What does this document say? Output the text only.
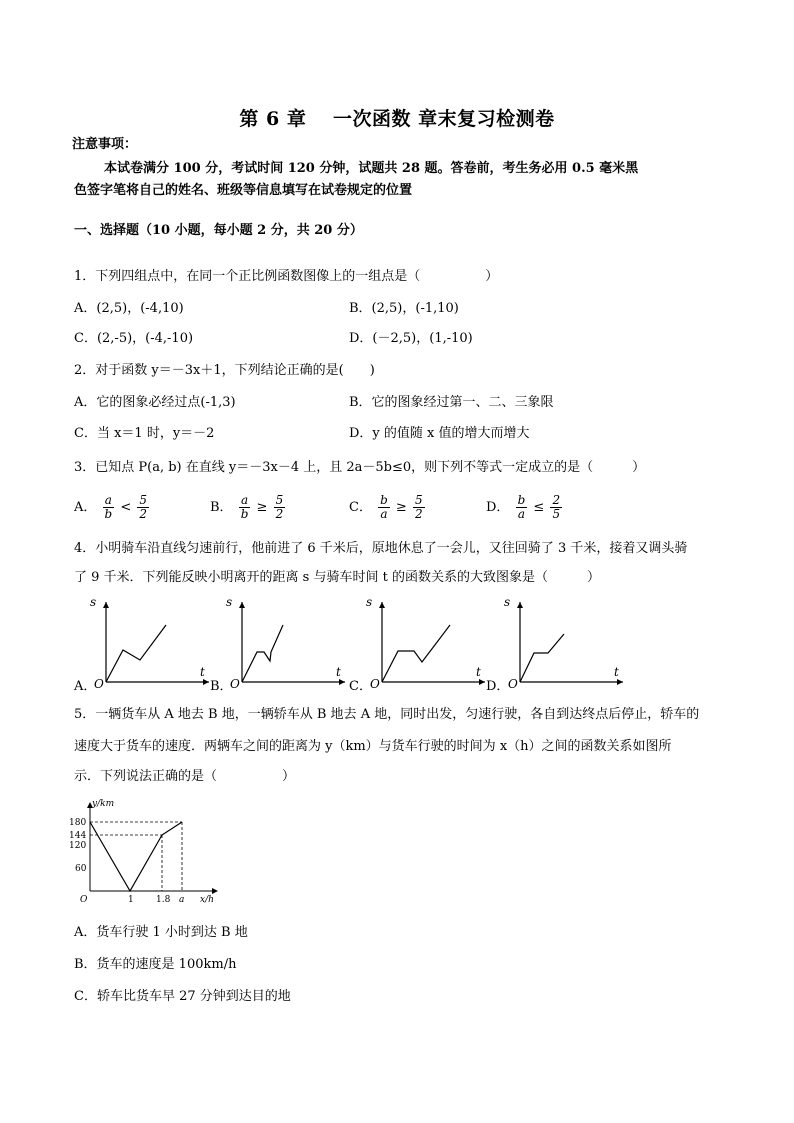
第 6 章　 一次函数 章末复习检测卷
注意事项：
本试卷满分 100 分，考试时间 120 分钟，试题共 28 题。答卷前，考生务必用 0.5 毫米黑
色签字笔将自己的姓名、班级等信息填写在试卷规定的位置
一、选择题（10 小题，每小题 2 分，共 20 分）
1．下列四组点中，在同一个正比例函数图像上的一组点是（　　　　　）
A．(2,5)，(-4,10)	B．(2,5)，(-1,10)
C．(2,-5)，(-4,-10)	D．(－2,5)，(1,-10)
2．对于函数 y＝－3x＋1，下列结论正确的是(　　)
A．它的图象必经过点(-1,3)	B．它的图象经过第一、二、三象限
C．当 x＝1 时，y＝－2	D．y 的值随 x 值的增大而增大
3．已知点 P(a, b) 在直线 y＝－3x－4 上，且 2a－5b≤0，则下列不等式一定成立的是（　　　）
A． $\frac{a}{b} < \frac{5}{2}$	B． $\frac{a}{b} \ge \frac{5}{2}$	C． $\frac{b}{a} \ge \frac{5}{2}$	D． $\frac{b}{a} \le \frac{2}{5}$
4．小明骑车沿直线匀速前行，他前进了 6 千米后，原地休息了一会儿，又往回骑了 3 千米，接着又调头骑
了 9 千米．下列能反映小明离开的距离 s 与骑车时间 t 的函数关系的大致图象是（　　　）
s
t
O
A．
s
t
O
B．
s
t
O
C．
s
t
O
D．
5．一辆货车从 A 地去 B 地，一辆轿车从 B 地去 A 地，同时出发，匀速行驶，各自到达终点后停止，轿车的
速度大于货车的速度．两辆车之间的距离为 y（km）与货车行驶的时间为 x（h）之间的函数关系如图所
示．下列说法正确的是（　　　　　）
y/km
180
144
120
60
O	1 1.8 a x/h
A．货车行驶 1 小时到达 B 地
B．货车的速度是 100km/h
C．轿车比货车早 27 分钟到达目的地
